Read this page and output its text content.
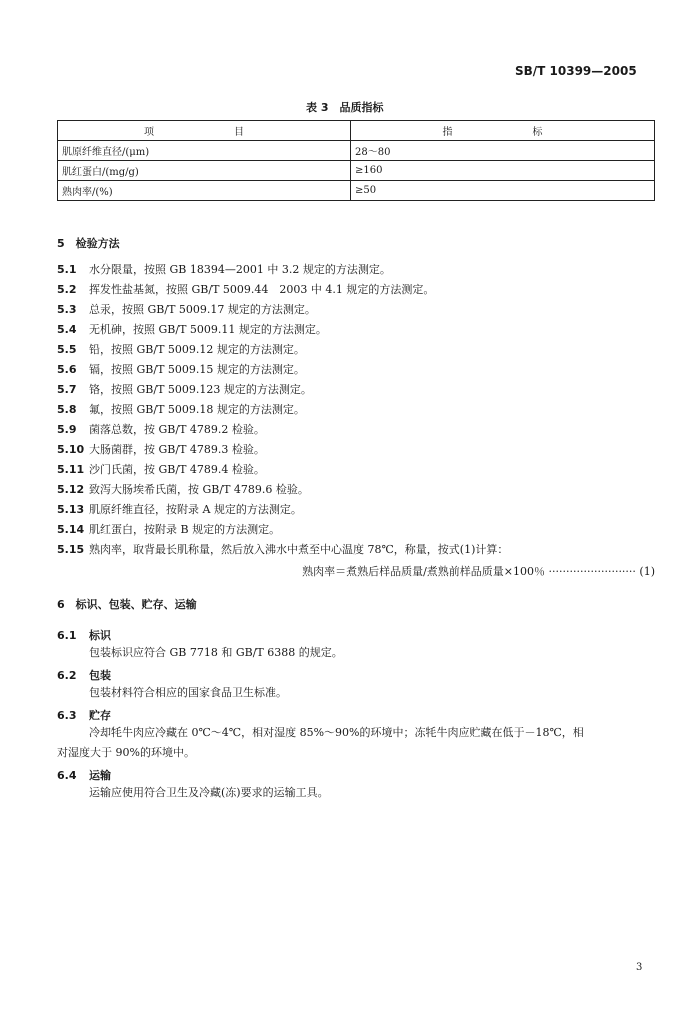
SB/T 10399—2005
表 3　品质指标
项　　目	指　　标
肌原纤维直径/(μm)	28～80
肌红蛋白/(mg/g)	≥160
熟肉率/(%)	≥50
5　检验方法
5.1 水分限量，按照 GB 18394—2001 中 3.2 规定的方法测定。
5.2 挥发性盐基氮，按照 GB/T 5009.44　2003 中 4.1 规定的方法测定。
5.3 总汞，按照 GB/T 5009.17 规定的方法测定。
5.4 无机砷，按照 GB/T 5009.11 规定的方法测定。
5.5 铅，按照 GB/T 5009.12 规定的方法测定。
5.6 镉，按照 GB/T 5009.15 规定的方法测定。
5.7 铬，按照 GB/T 5009.123 规定的方法测定。
5.8 氟，按照 GB/T 5009.18 规定的方法测定。
5.9 菌落总数，按 GB/T 4789.2 检验。
5.10 大肠菌群，按 GB/T 4789.3 检验。
5.11 沙门氏菌，按 GB/T 4789.4 检验。
5.12 致泻大肠埃希氏菌，按 GB/T 4789.6 检验。
5.13 肌原纤维直径，按附录 A 规定的方法测定。
5.14 肌红蛋白，按附录 B 规定的方法测定。
5.15 熟肉率，取背最长肌称量，然后放入沸水中煮至中心温度 78℃，称量，按式(1)计算：
熟肉率＝煮熟后样品质量/煮熟前样品质量×100％ ························· (1)
6　标识、包装、贮存、运输
6.1 标识
包装标识应符合 GB 7718 和 GB/T 6388 的规定。
6.2 包装
包装材料符合相应的国家食品卫生标准。
6.3 贮存
冷却牦牛肉应冷藏在 0℃～4℃，相对湿度 85%～90%的环境中；冻牦牛肉应贮藏在低于－18℃，相
对湿度大于 90%的环境中。
6.4 运输
运输应使用符合卫生及冷藏(冻)要求的运输工具。
3
